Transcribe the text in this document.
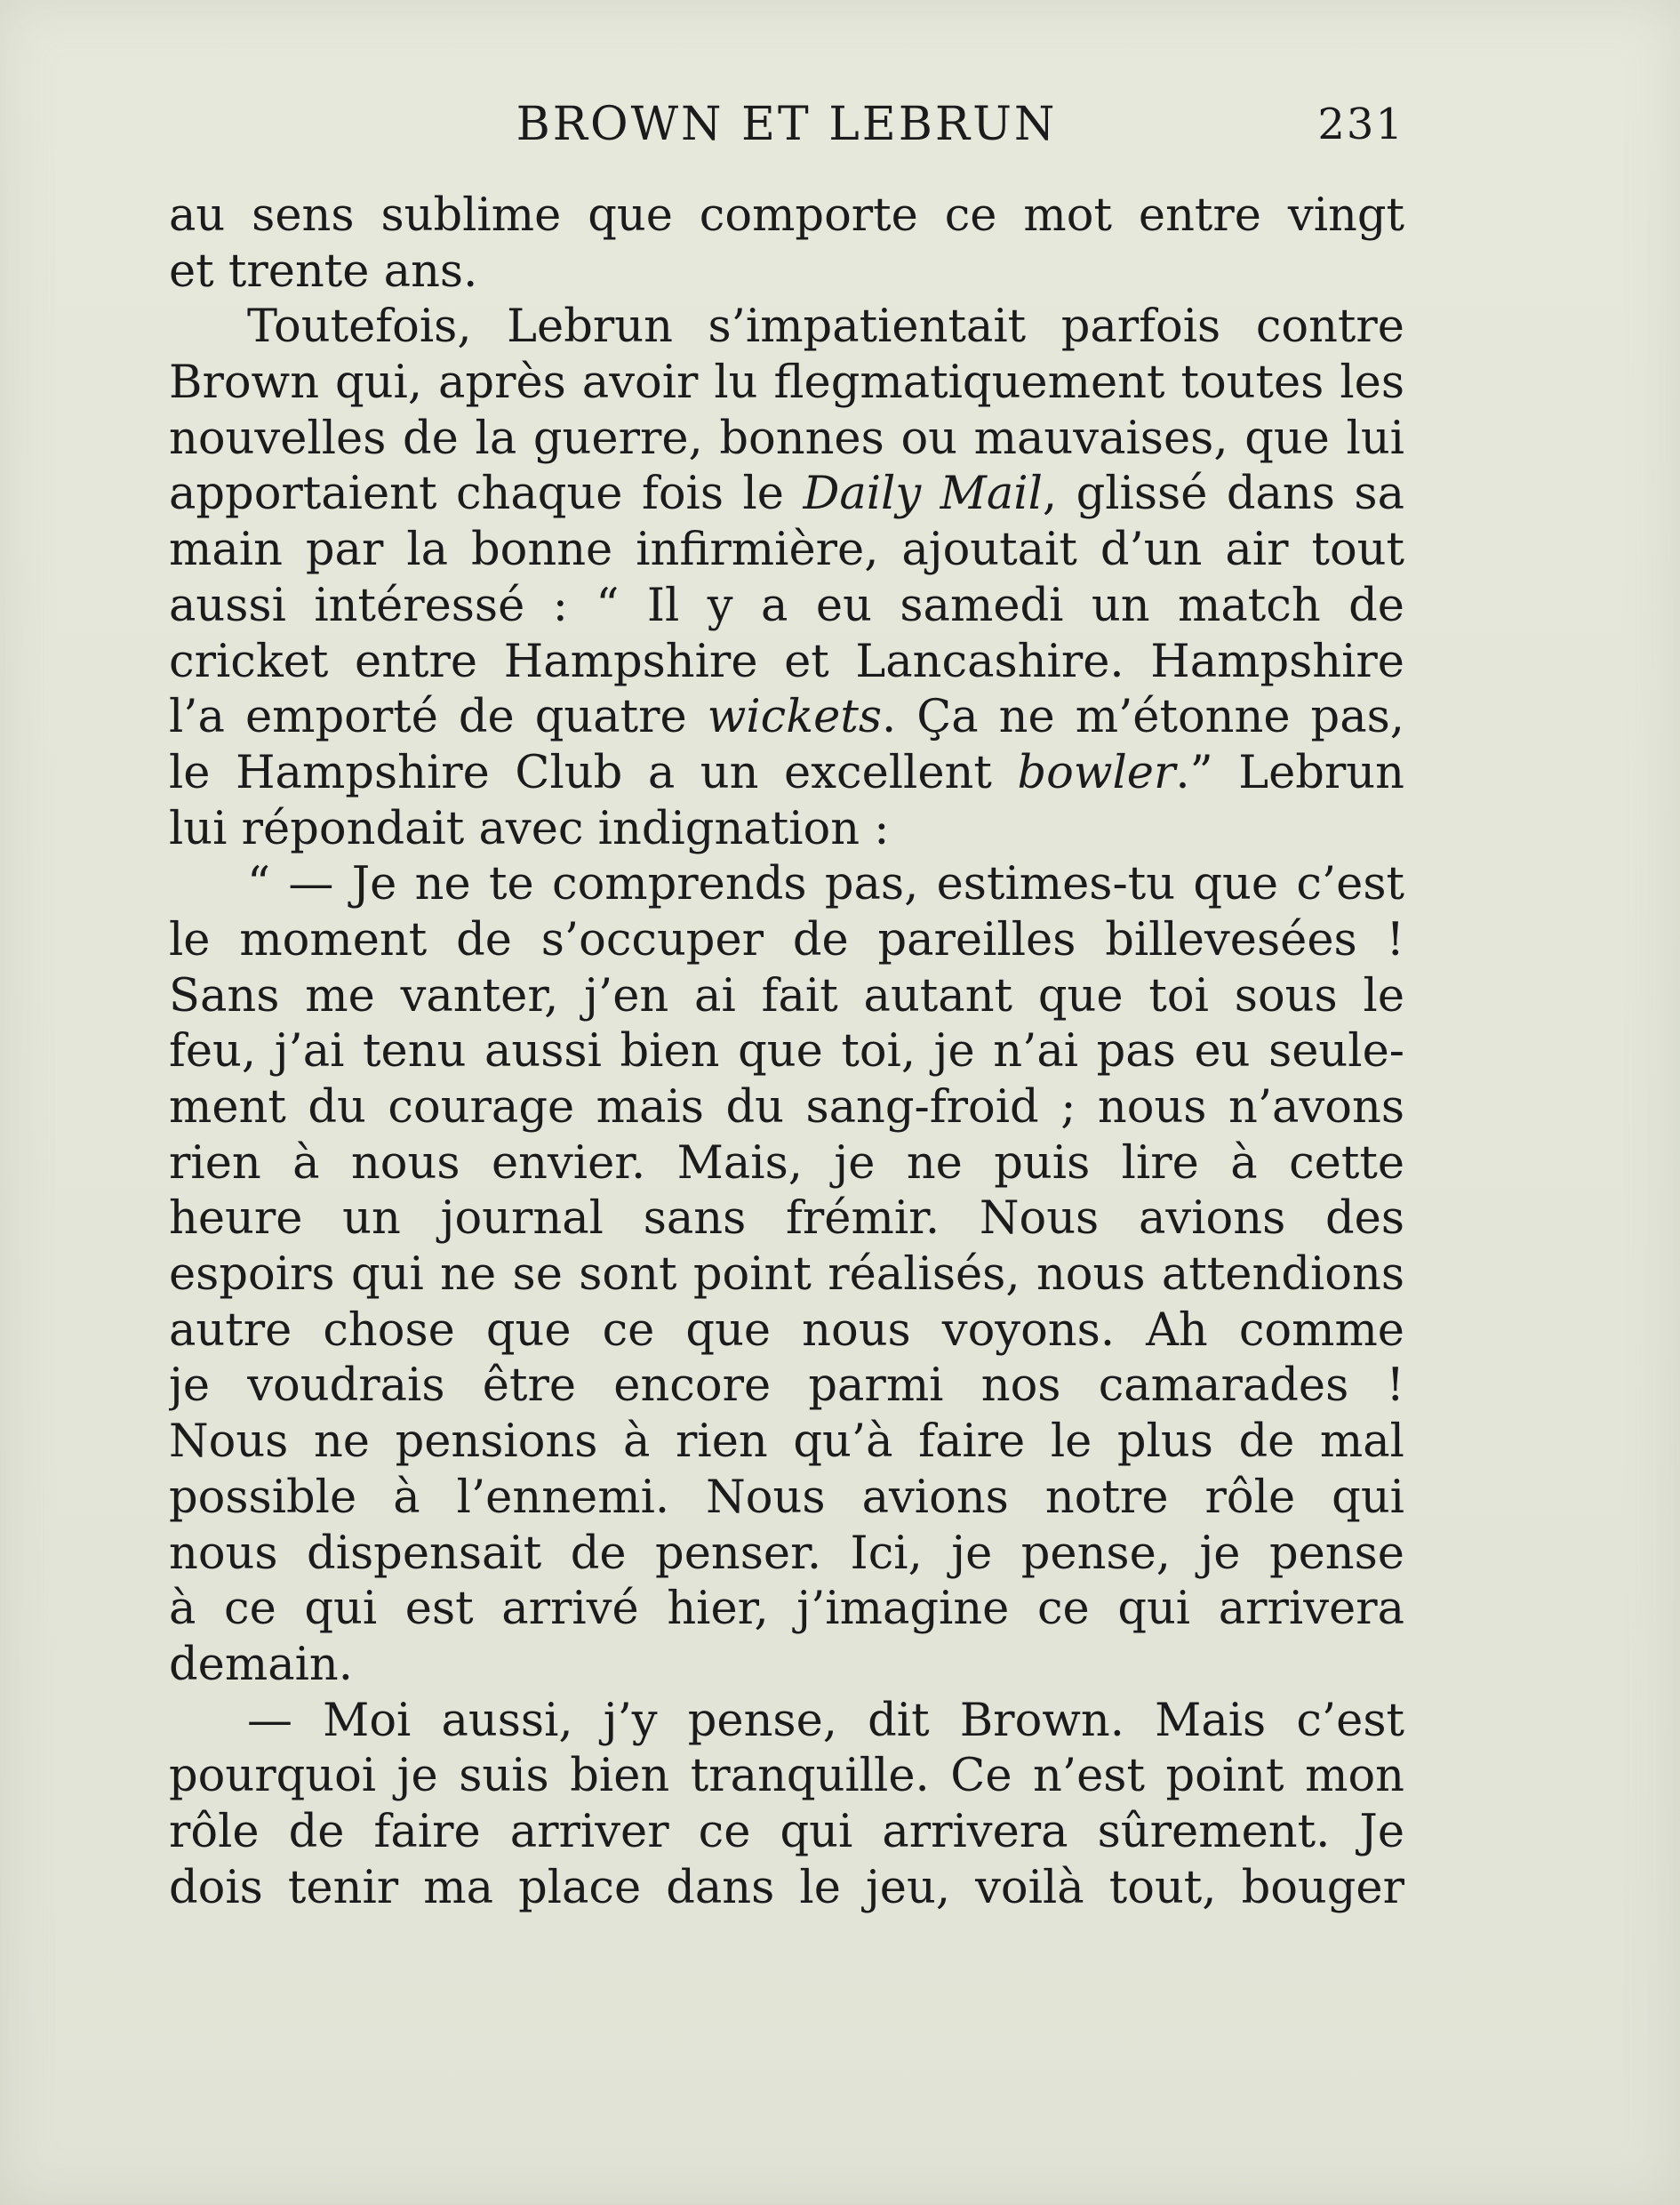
BROWN ET LEBRUN	231
au sens sublime que comporte ce mot entre vingt
et trente ans.
Toutefois, Lebrun s’impatientait parfois contre
Brown qui, après avoir lu flegmatiquement toutes les
nouvelles de la guerre, bonnes ou mauvaises, que lui
apportaient chaque fois le Daily Mail, glissé dans sa
main par la bonne infirmière, ajoutait d’un air tout
aussi intéressé : “ Il y a eu samedi un match de
cricket entre Hampshire et Lancashire. Hampshire
l’a emporté de quatre wickets. Ça ne m’étonne pas,
le Hampshire Club a un excellent bowler.” Lebrun
lui répondait avec indignation :
“ — Je ne te comprends pas, estimes-tu que c’est
le moment de s’occuper de pareilles billevesées !
Sans me vanter, j’en ai fait autant que toi sous le
feu, j’ai tenu aussi bien que toi, je n’ai pas eu seule-
ment du courage mais du sang-froid ; nous n’avons
rien à nous envier. Mais, je ne puis lire à cette
heure un journal sans frémir. Nous avions des
espoirs qui ne se sont point réalisés, nous attendions
autre chose que ce que nous voyons. Ah comme
je voudrais être encore parmi nos camarades !
Nous ne pensions à rien qu’à faire le plus de mal
possible à l’ennemi. Nous avions notre rôle qui
nous dispensait de penser. Ici, je pense, je pense
à ce qui est arrivé hier, j’imagine ce qui arrivera
demain.
— Moi aussi, j’y pense, dit Brown. Mais c’est
pourquoi je suis bien tranquille. Ce n’est point mon
rôle de faire arriver ce qui arrivera sûrement. Je
dois tenir ma place dans le jeu, voilà tout, bouger
